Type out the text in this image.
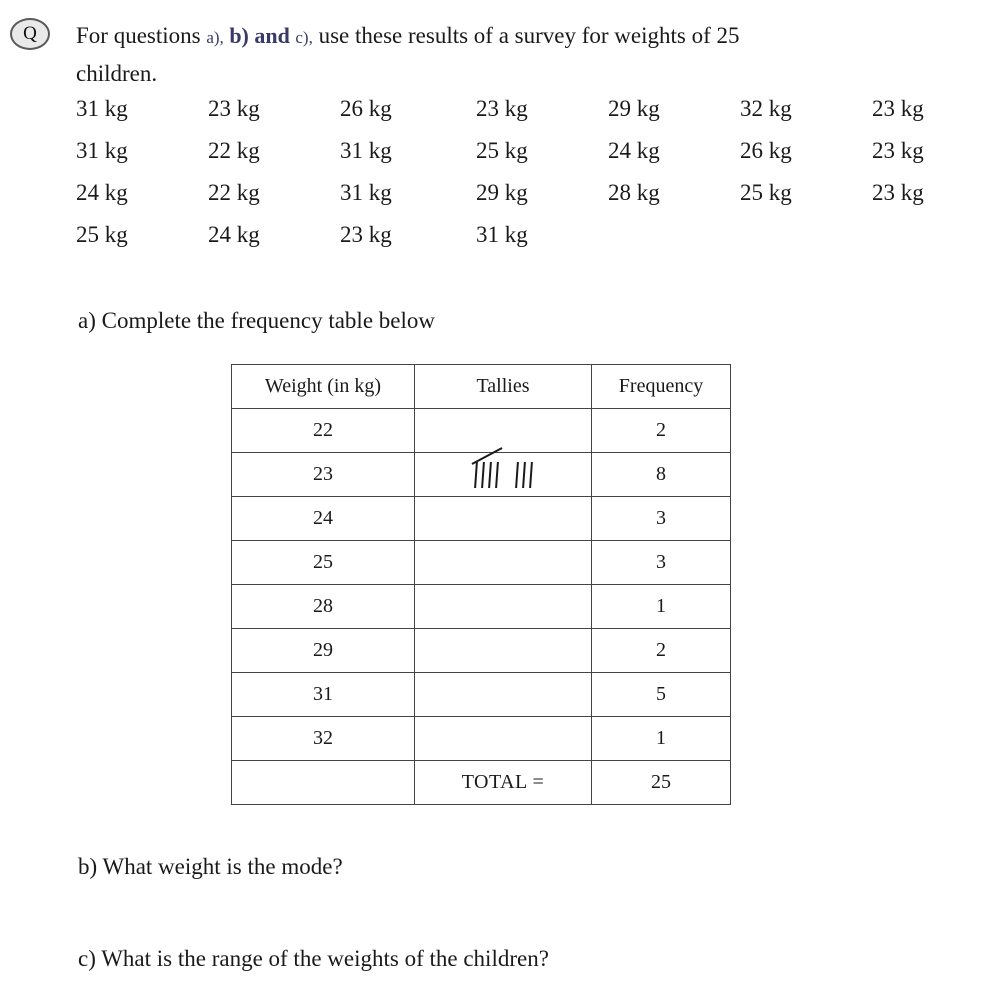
Q	For questions a), b) and c), use these results of a survey for weights of 25
children.
31 kg	23 kg	26 kg	23 kg	29 kg	32 kg	23 kg
31 kg	22 kg	31 kg	25 kg	24 kg	26 kg	23 kg
24 kg	22 kg	31 kg	29 kg	28 kg	25 kg	23 kg
25 kg	24 kg	23 kg	31 kg
a) Complete the frequency table below
Weight (in kg)	Tallies	Frequency
22		2
23		8
24		3
25		3
28		1
29		2
31		5
32		1
	TOTAL =	25
b) What weight is the mode?
c) What is the range of the weights of the children?
